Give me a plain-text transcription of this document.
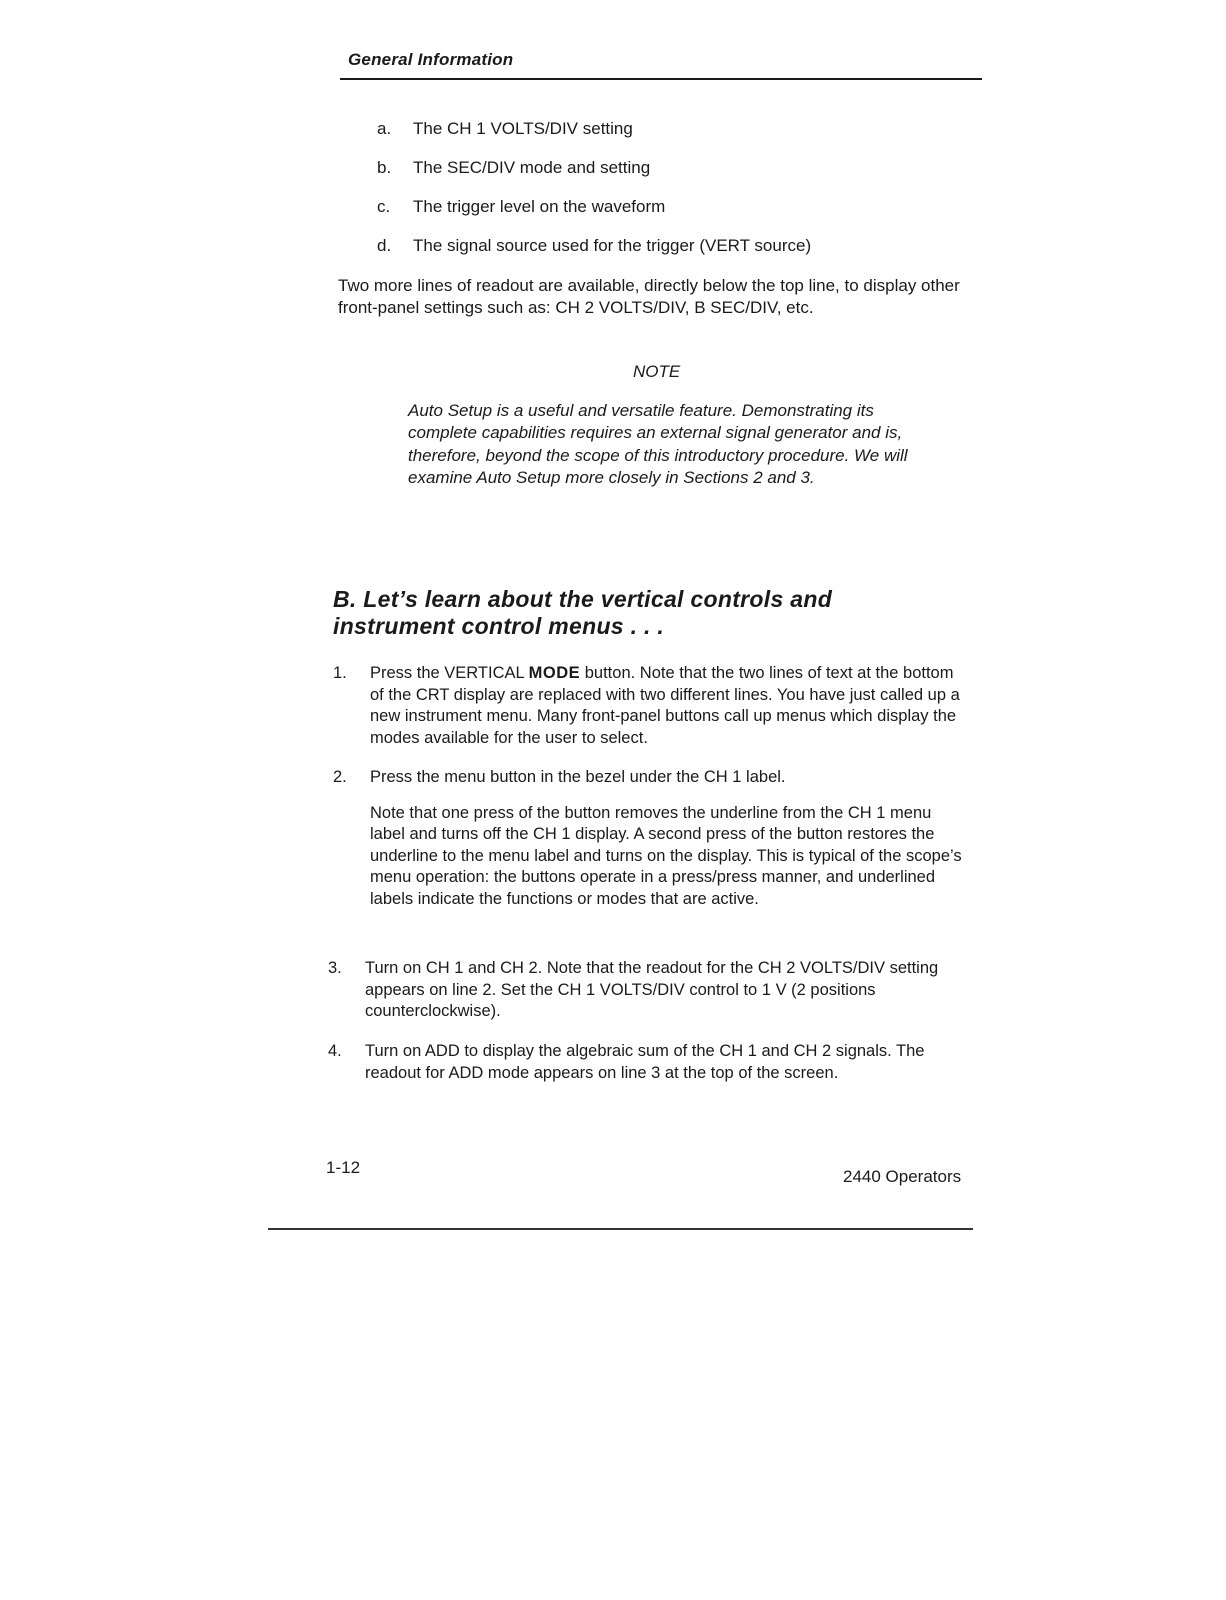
General Information
a.	The CH 1 VOLTS/DIV setting
b.	The SEC/DIV mode and setting
c.	The trigger level on the waveform
d.	The signal source used for the trigger (VERT source)
Two more lines of readout are available, directly below the top line, to display other front-panel settings such as: CH 2 VOLTS/DIV, B SEC/DIV, etc.
NOTE
Auto Setup is a useful and versatile feature. Demonstrating its complete capabilities requires an external signal generator and is, therefore, beyond the scope of this introductory procedure. We will examine Auto Setup more closely in Sections 2 and 3.
B. Let’s learn about the vertical controls and instrument control menus . . .
1. Press the VERTICAL MODE button. Note that the two lines of text at the bottom of the CRT display are replaced with two different lines. You have just called up a new instrument menu. Many front-panel buttons call up menus which display the modes available for the user to select.

2. Press the menu button in the bezel under the CH 1 label.

Note that one press of the button removes the underline from the CH 1 menu label and turns off the CH 1 display. A second press of the button restores the underline to the menu label and turns on the display. This is typical of the scope’s menu operation: the buttons operate in a press/press manner, and underlined labels indicate the functions or modes that are active.

3. Turn on CH 1 and CH 2. Note that the readout for the CH 2 VOLTS/DIV setting appears on line 2. Set the CH 1 VOLTS/DIV control to 1 V (2 positions counterclockwise).
4. Turn on ADD to display the algebraic sum of the CH 1 and CH 2 signals. The readout for ADD mode appears on line 3 at the top of the screen.
1-12	2440 Operators
